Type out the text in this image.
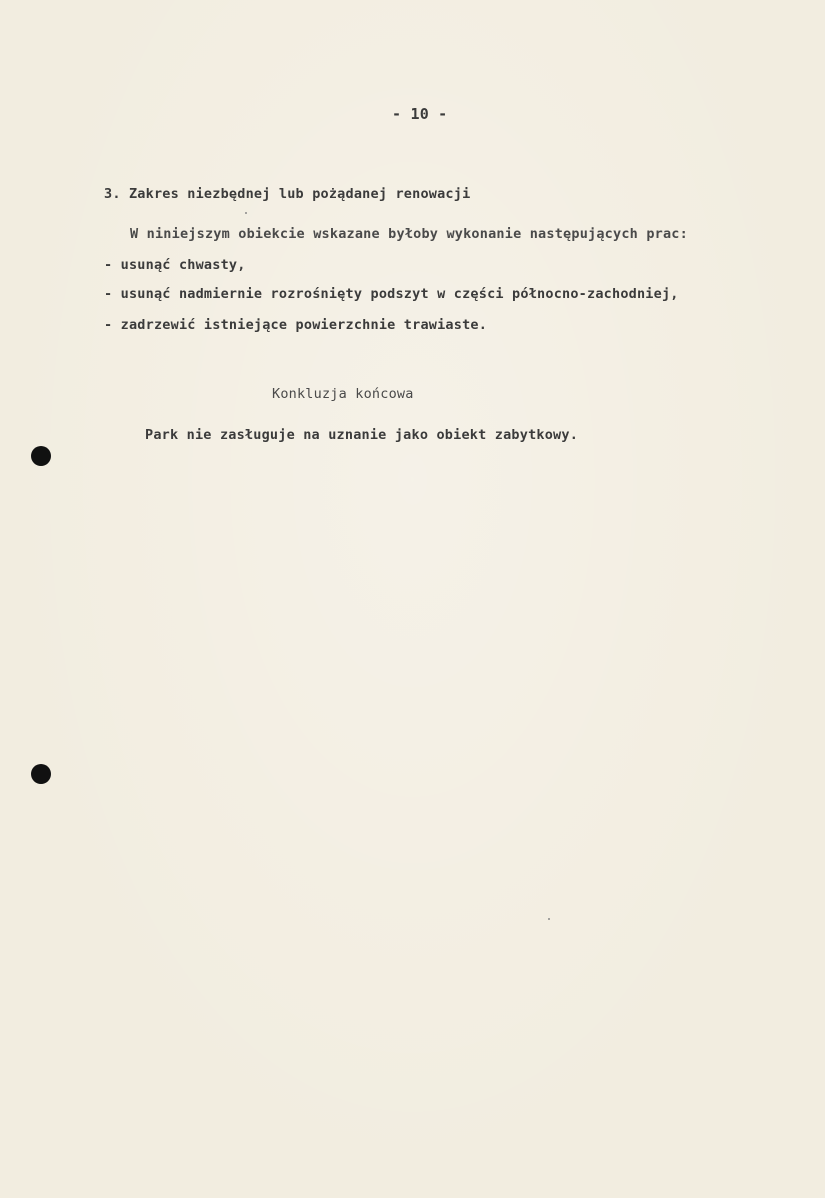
- 10 -
3. Zakres niezbędnej lub pożądanej renowacji
W niniejszym obiekcie wskazane byłoby wykonanie następujących prac:
- usunąć chwasty,
- usunąć nadmiernie rozrośnięty podszyt w części północno-zachodniej,
- zadrzewić istniejące powierzchnie trawiaste.
Konkluzja końcowa
Park nie zasługuje na uznanie jako obiekt zabytkowy.
